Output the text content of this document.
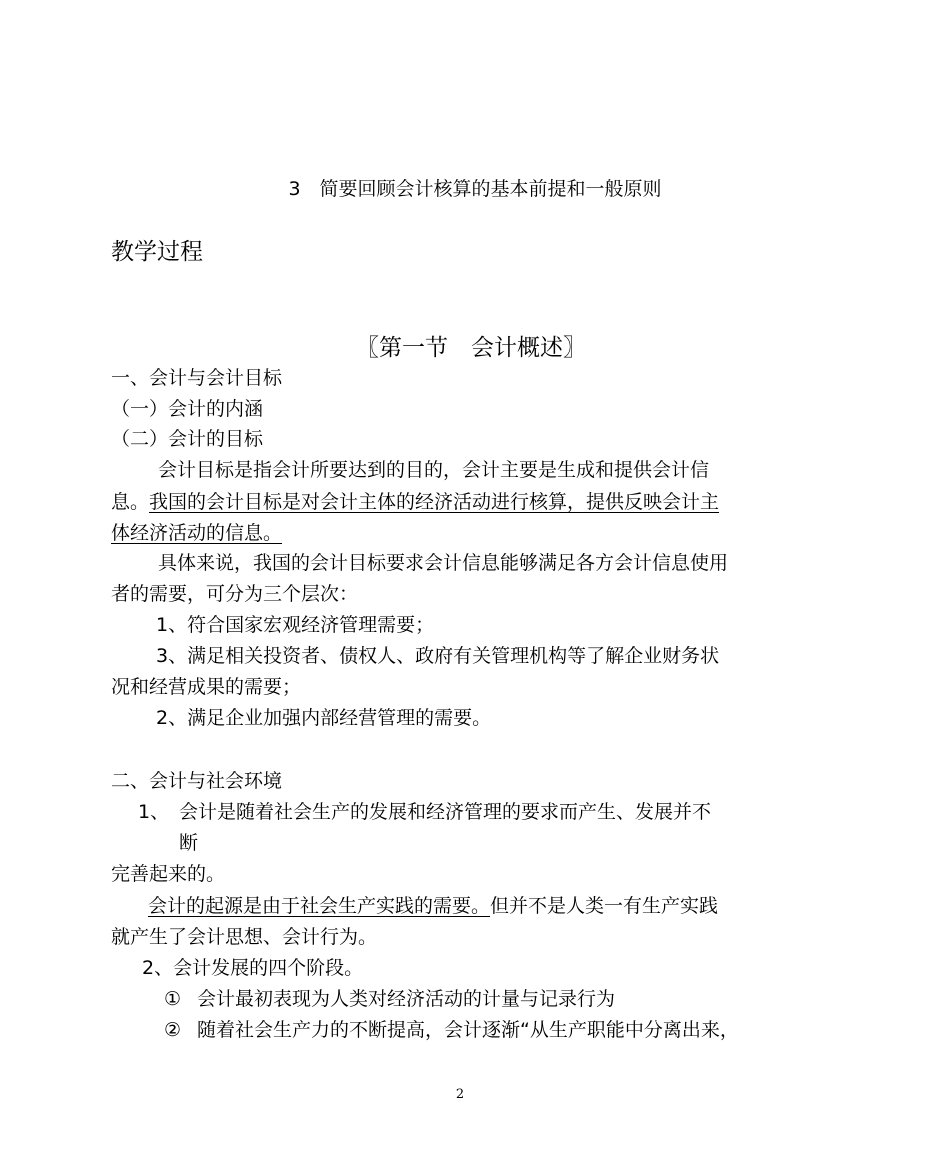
3　简要回顾会计核算的基本前提和一般原则
教学过程
〖第一节　会计概述〗
一、会计与会计目标
（一）会计的内涵
（二）会计的目标
会计目标是指会计所要达到的目的，会计主要是生成和提供会计信
息。我国的会计目标是对会计主体的经济活动进行核算，提供反映会计主
体经济活动的信息。
具体来说，我国的会计目标要求会计信息能够满足各方会计信息使用
者的需要，可分为三个层次：
1、符合国家宏观经济管理需要；
3、满足相关投资者、债权人、政府有关管理机构等了解企业财务状
况和经营成果的需要；
2、满足企业加强内部经营管理的需要。
二、会计与社会环境
1、 会计是随着社会生产的发展和经济管理的要求而产生、发展并不
断
完善起来的。
会计的起源是由于社会生产实践的需要。但并不是人类一有生产实践
就产生了会计思想、会计行为。
2、会计发展的四个阶段。
① 会计最初表现为人类对经济活动的计量与记录行为
② 随着社会生产力的不断提高，会计逐渐“从生产职能中分离出来，
2
